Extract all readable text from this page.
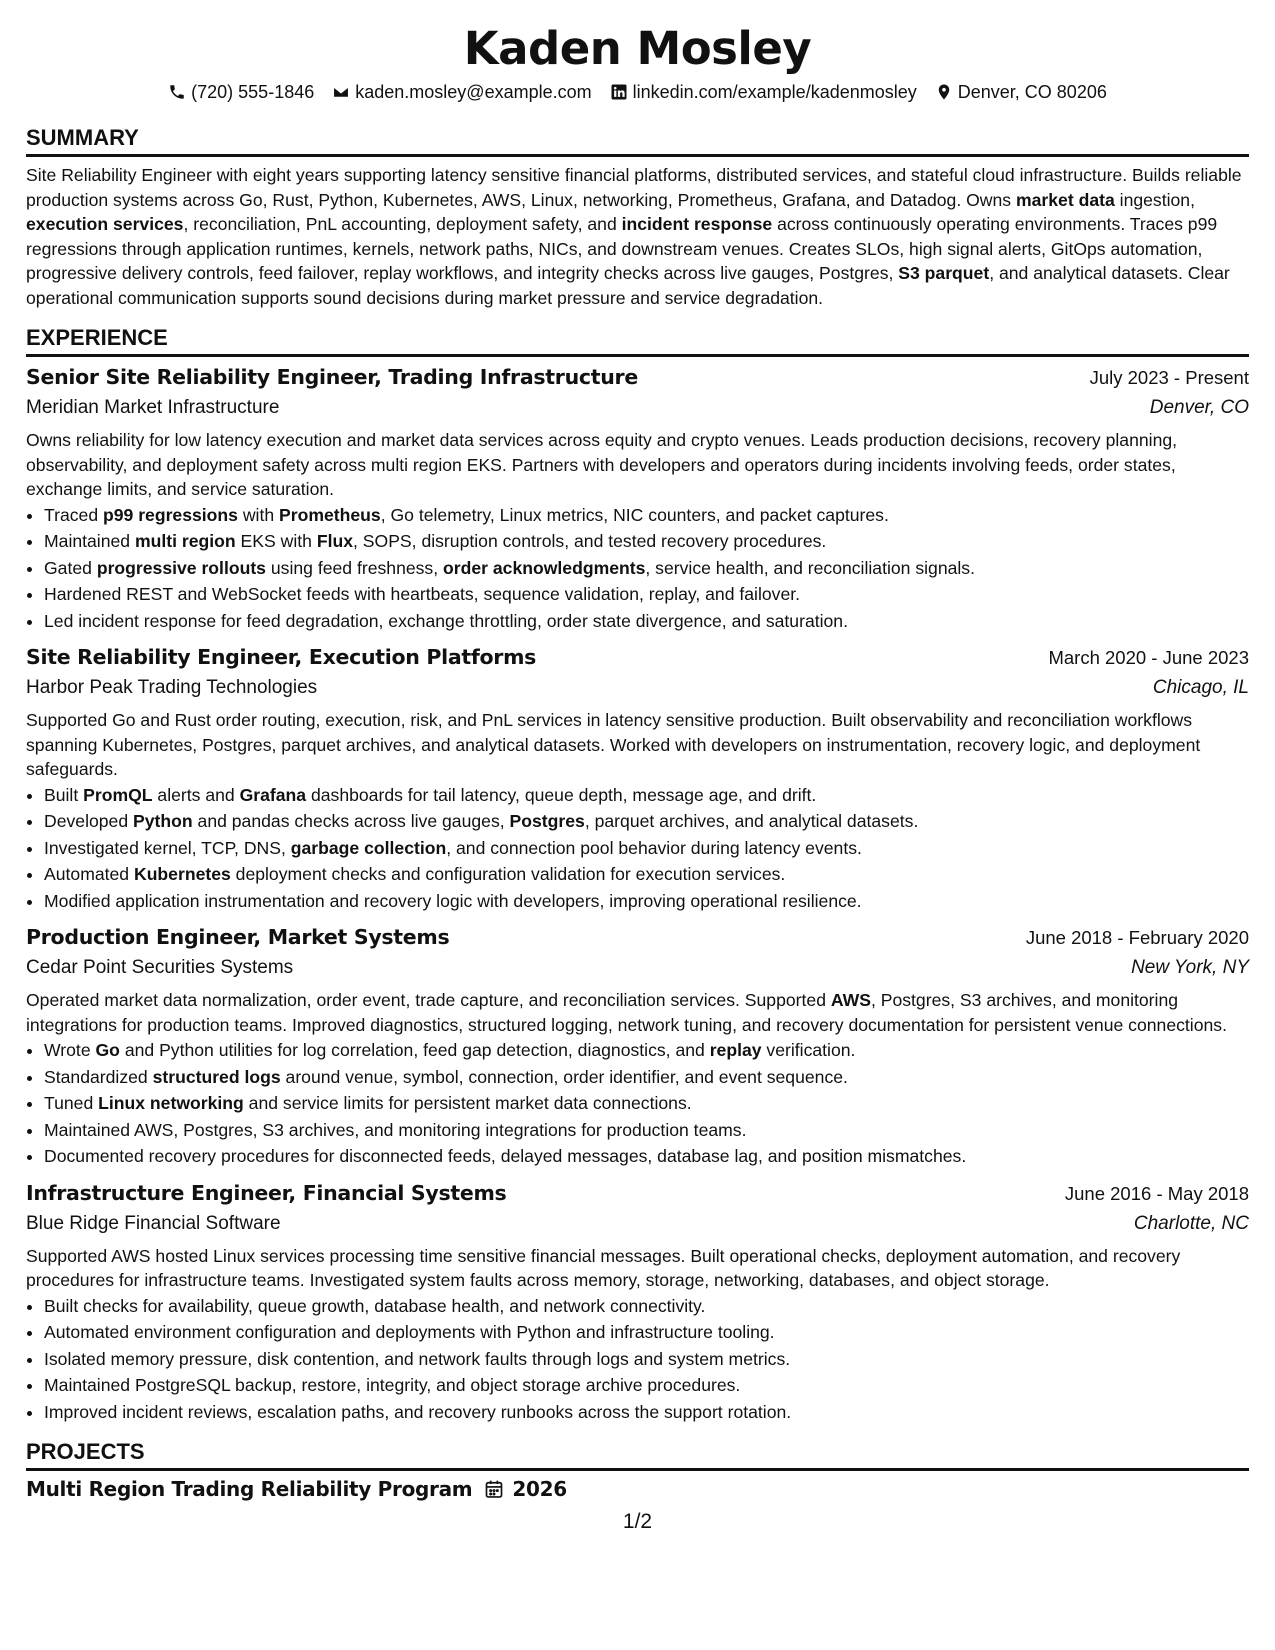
Kaden Mosley
(720) 555-1846 kaden.mosley@example.com linkedin.com/example/kadenmosley Denver, CO 80206
SUMMARY

Site Reliability Engineer with eight years supporting latency sensitive financial platforms, distributed services, and stateful cloud infrastructure. Builds reliable production systems across Go, Rust, Python, Kubernetes, AWS, Linux, networking, Prometheus, Grafana, and Datadog. Owns market data ingestion, execution services, reconciliation, PnL accounting, deployment safety, and incident response across continuously operating environments. Traces p99 regressions through application runtimes, kernels, network paths, NICs, and downstream venues. Creates SLOs, high signal alerts, GitOps automation, progressive delivery controls, feed failover, replay workflows, and integrity checks across live gauges, Postgres, S3 parquet, and analytical datasets. Clear operational communication supports sound decisions during market pressure and service degradation.

EXPERIENCE
Senior Site Reliability Engineer, Trading Infrastructure	July 2023 - Present
Meridian Market Infrastructure	Denver, CO

Owns reliability for low latency execution and market data services across equity and crypto venues. Leads production decisions, recovery planning, observability, and deployment safety across multi region EKS. Partners with developers and operators during incidents involving feeds, order states, exchange limits, and service saturation.

• Traced p99 regressions with Prometheus, Go telemetry, Linux metrics, NIC counters, and packet captures.
• Maintained multi region EKS with Flux, SOPS, disruption controls, and tested recovery procedures.
• Gated progressive rollouts using feed freshness, order acknowledgments, service health, and reconciliation signals.
• Hardened REST and WebSocket feeds with heartbeats, sequence validation, replay, and failover.
• Led incident response for feed degradation, exchange throttling, order state divergence, and saturation.
Site Reliability Engineer, Execution Platforms	March 2020 - June 2023
Harbor Peak Trading Technologies	Chicago, IL

Supported Go and Rust order routing, execution, risk, and PnL services in latency sensitive production. Built observability and reconciliation workflows spanning Kubernetes, Postgres, parquet archives, and analytical datasets. Worked with developers on instrumentation, recovery logic, and deployment safeguards.

• Built PromQL alerts and Grafana dashboards for tail latency, queue depth, message age, and drift.
• Developed Python and pandas checks across live gauges, Postgres, parquet archives, and analytical datasets.
• Investigated kernel, TCP, DNS, garbage collection, and connection pool behavior during latency events.
• Automated Kubernetes deployment checks and configuration validation for execution services.
• Modified application instrumentation and recovery logic with developers, improving operational resilience.
Production Engineer, Market Systems	June 2018 - February 2020
Cedar Point Securities Systems	New York, NY

Operated market data normalization, order event, trade capture, and reconciliation services. Supported AWS, Postgres, S3 archives, and monitoring integrations for production teams. Improved diagnostics, structured logging, network tuning, and recovery documentation for persistent venue connections.

• Wrote Go and Python utilities for log correlation, feed gap detection, diagnostics, and replay verification.
• Standardized structured logs around venue, symbol, connection, order identifier, and event sequence.
• Tuned Linux networking and service limits for persistent market data connections.
• Maintained AWS, Postgres, S3 archives, and monitoring integrations for production teams.
• Documented recovery procedures for disconnected feeds, delayed messages, database lag, and position mismatches.
Infrastructure Engineer, Financial Systems	June 2016 - May 2018
Blue Ridge Financial Software	Charlotte, NC

Supported AWS hosted Linux services processing time sensitive financial messages. Built operational checks, deployment automation, and recovery procedures for infrastructure teams. Investigated system faults across memory, storage, networking, databases, and object storage.

• Built checks for availability, queue growth, database health, and network connectivity.
• Automated environment configuration and deployments with Python and infrastructure tooling.
• Isolated memory pressure, disk contention, and network faults through logs and system metrics.
• Maintained PostgreSQL backup, restore, integrity, and object storage archive procedures.
• Improved incident reviews, escalation paths, and recovery runbooks across the support rotation.
PROJECTS
Multi Region Trading Reliability Program 2026
1/2
